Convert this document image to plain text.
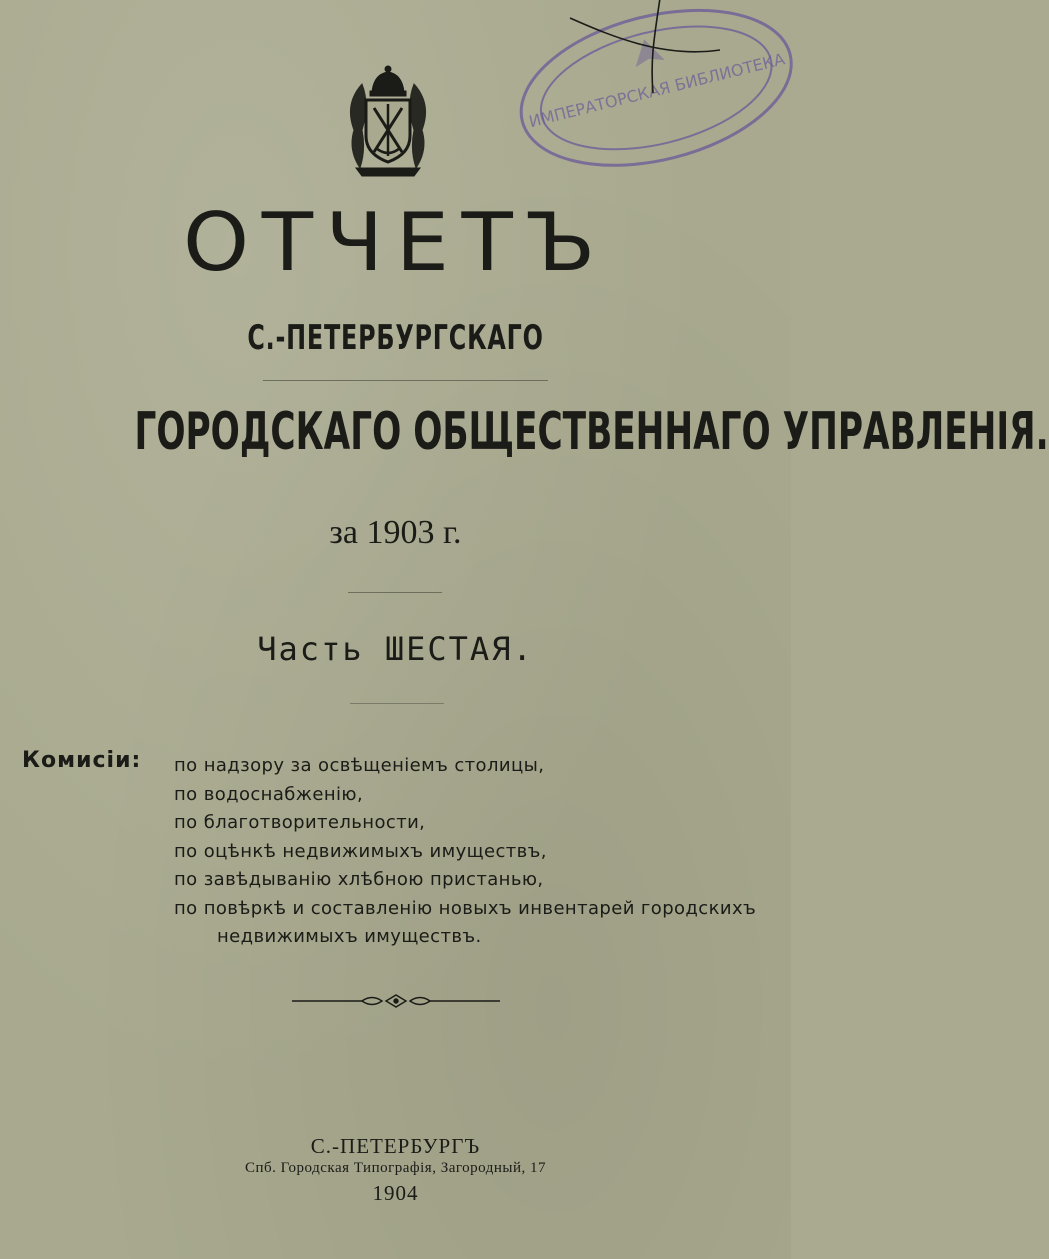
ИМПЕРАТОРСКАЯ БИБЛИОТЕКА
ОТЧЕТЪ
С.-ПЕТЕРБУРГСКАГО
ГОРОДСКАГО ОБЩЕСТВЕННАГО УПРАВЛЕНІЯ.
за 1903 г.
Часть ШЕСТАЯ.
Комисіи: по надзору за освѣщеніемъ столицы,
по водоснабженію,
по благотворительности,
по оцѣнкѣ недвижимыхъ имуществъ,
по завѣдыванію хлѣбною пристанью,
по повѣркѣ и составленію новыхъ инвентарей городскихъ
недвижимыхъ имуществъ.
С.-ПЕТЕРБУРГЪ
Спб. Городская Типографія, Загородный, 17
1904
